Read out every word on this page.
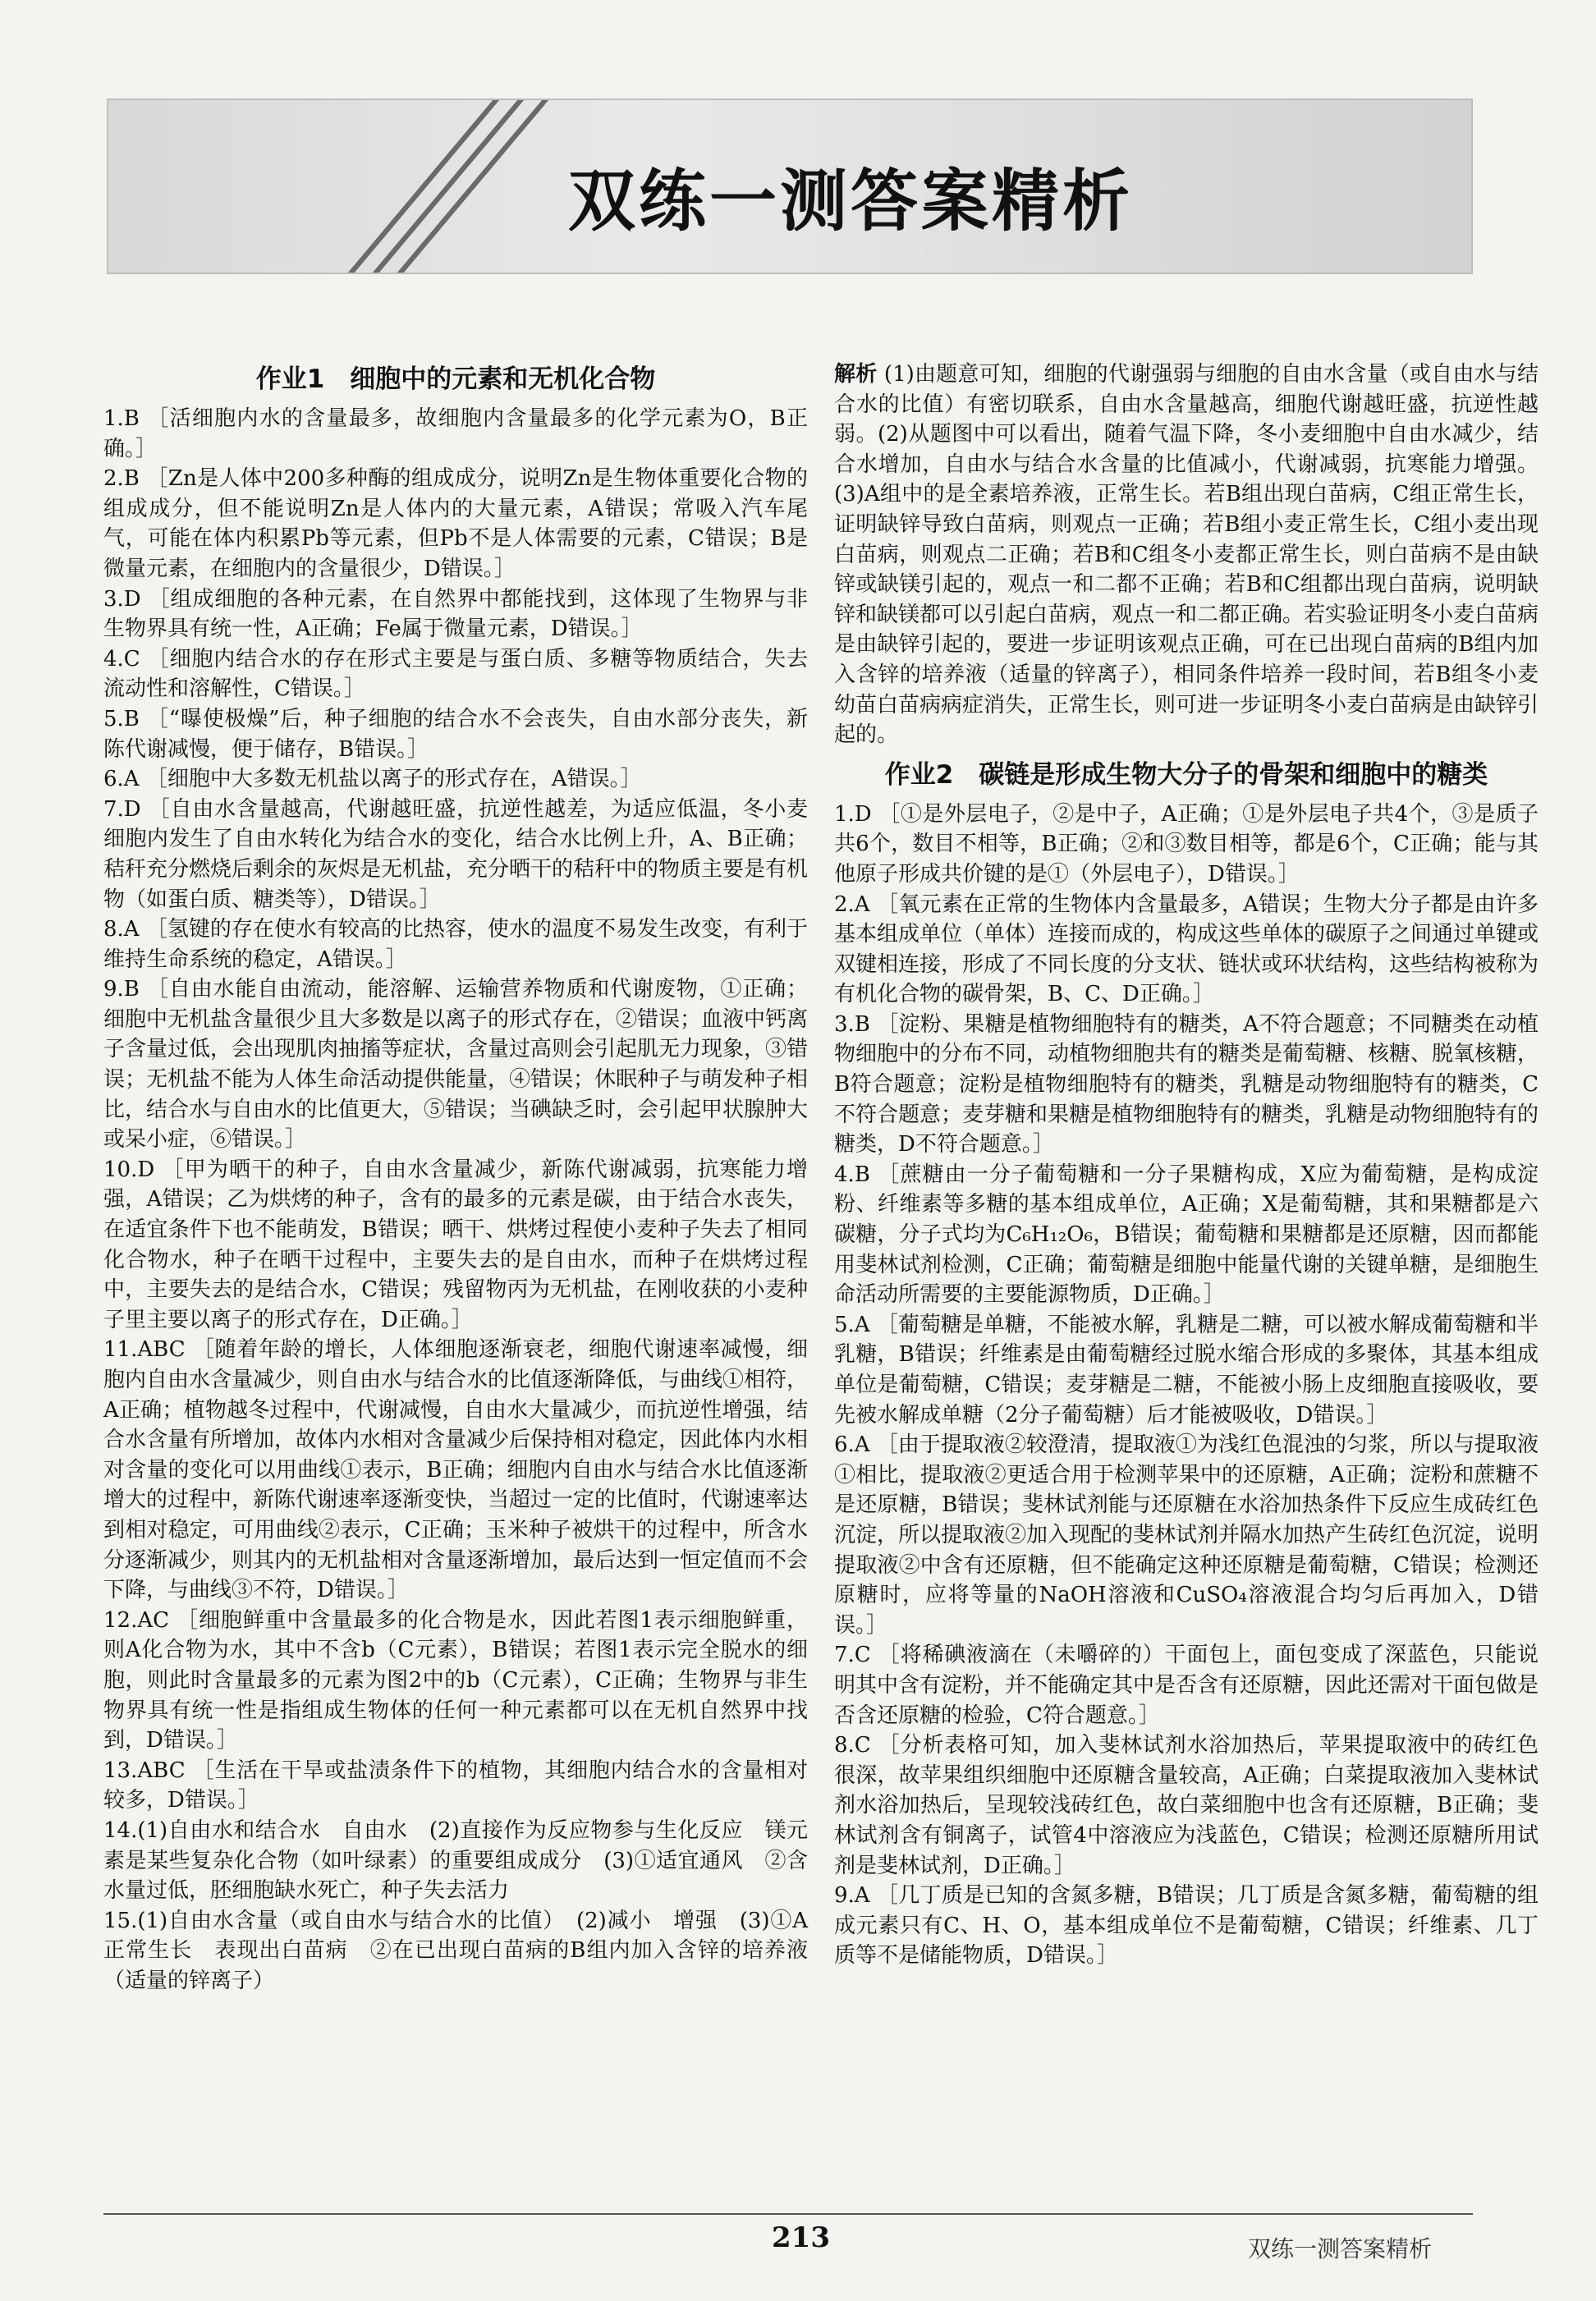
双练一测答案精析
作业1　细胞中的元素和无机化合物

1.B ［活细胞内水的含量最多，故细胞内含量最多的化学元素为O，B正确。］

2.B ［Zn是人体中200多种酶的组成成分，说明Zn是生物体重要化合物的组成成分，但不能说明Zn是人体内的大量元素，A错误；常吸入汽车尾气，可能在体内积累Pb等元素，但Pb不是人体需要的元素，C错误；B是微量元素，在细胞内的含量很少，D错误。］

3.D ［组成细胞的各种元素，在自然界中都能找到，这体现了生物界与非生物界具有统一性，A正确；Fe属于微量元素，D错误。］

4.C ［细胞内结合水的存在形式主要是与蛋白质、多糖等物质结合，失去流动性和溶解性，C错误。］

5.B ［“曝使极燥”后，种子细胞的结合水不会丧失，自由水部分丧失，新陈代谢减慢，便于储存，B错误。］

6.A ［细胞中大多数无机盐以离子的形式存在，A错误。］

7.D ［自由水含量越高，代谢越旺盛，抗逆性越差，为适应低温，冬小麦细胞内发生了自由水转化为结合水的变化，结合水比例上升，A、B正确；秸秆充分燃烧后剩余的灰烬是无机盐，充分晒干的秸秆中的物质主要是有机物（如蛋白质、糖类等），D错误。］

8.A ［氢键的存在使水有较高的比热容，使水的温度不易发生改变，有利于维持生命系统的稳定，A错误。］

9.B ［自由水能自由流动，能溶解、运输营养物质和代谢废物，①正确；细胞中无机盐含量很少且大多数是以离子的形式存在，②错误；血液中钙离子含量过低，会出现肌肉抽搐等症状，含量过高则会引起肌无力现象，③错误；无机盐不能为人体生命活动提供能量，④错误；休眠种子与萌发种子相比，结合水与自由水的比值更大，⑤错误；当碘缺乏时，会引起甲状腺肿大或呆小症，⑥错误。］

10.D ［甲为晒干的种子，自由水含量减少，新陈代谢减弱，抗寒能力增强，A错误；乙为烘烤的种子，含有的最多的元素是碳，由于结合水丧失，在适宜条件下也不能萌发，B错误；晒干、烘烤过程使小麦种子失去了相同化合物水，种子在晒干过程中，主要失去的是自由水，而种子在烘烤过程中，主要失去的是结合水，C错误；残留物丙为无机盐，在刚收获的小麦种子里主要以离子的形式存在，D正确。］

11.ABC ［随着年龄的增长，人体细胞逐渐衰老，细胞代谢速率减慢，细胞内自由水含量减少，则自由水与结合水的比值逐渐降低，与曲线①相符，A正确；植物越冬过程中，代谢减慢，自由水大量减少，而抗逆性增强，结合水含量有所增加，故体内水相对含量减少后保持相对稳定，因此体内水相对含量的变化可以用曲线①表示，B正确；细胞内自由水与结合水比值逐渐增大的过程中，新陈代谢速率逐渐变快，当超过一定的比值时，代谢速率达到相对稳定，可用曲线②表示，C正确；玉米种子被烘干的过程中，所含水分逐渐减少，则其内的无机盐相对含量逐渐增加，最后达到一恒定值而不会下降，与曲线③不符，D错误。］

12.AC ［细胞鲜重中含量最多的化合物是水，因此若图1表示细胞鲜重，则A化合物为水，其中不含b（C元素），B错误；若图1表示完全脱水的细胞，则此时含量最多的元素为图2中的b（C元素），C正确；生物界与非生物界具有统一性是指组成生物体的任何一种元素都可以在无机自然界中找到，D错误。］

13.ABC ［生活在干旱或盐渍条件下的植物，其细胞内结合水的含量相对较多，D错误。］

14.(1)自由水和结合水　自由水　(2)直接作为反应物参与生化反应　镁元素是某些复杂化合物（如叶绿素）的重要组成成分　(3)①适宜通风　②含水量过低，胚细胞缺水死亡，种子失去活力

15.(1)自由水含量（或自由水与结合水的比值）　(2)减小　增强　(3)①A　正常生长　表现出白苗病　②在已出现白苗病的B组内加入含锌的培养液（适量的锌离子）

解析 (1)由题意可知，细胞的代谢强弱与细胞的自由水含量（或自由水与结合水的比值）有密切联系，自由水含量越高，细胞代谢越旺盛，抗逆性越弱。(2)从题图中可以看出，随着气温下降，冬小麦细胞中自由水减少，结合水增加，自由水与结合水含量的比值减小，代谢减弱，抗寒能力增强。(3)A组中的是全素培养液，正常生长。若B组出现白苗病，C组正常生长，证明缺锌导致白苗病，则观点一正确；若B组小麦正常生长，C组小麦出现白苗病，则观点二正确；若B和C组冬小麦都正常生长，则白苗病不是由缺锌或缺镁引起的，观点一和二都不正确；若B和C组都出现白苗病，说明缺锌和缺镁都可以引起白苗病，观点一和二都正确。若实验证明冬小麦白苗病是由缺锌引起的，要进一步证明该观点正确，可在已出现白苗病的B组内加入含锌的培养液（适量的锌离子），相同条件培养一段时间，若B组冬小麦幼苗白苗病病症消失，正常生长，则可进一步证明冬小麦白苗病是由缺锌引起的。

作业2　碳链是形成生物大分子的骨架和细胞中的糖类

1.D ［①是外层电子，②是中子，A正确；①是外层电子共4个，③是质子共6个，数目不相等，B正确；②和③数目相等，都是6个，C正确；能与其他原子形成共价键的是①（外层电子），D错误。］

2.A ［氧元素在正常的生物体内含量最多，A错误；生物大分子都是由许多基本组成单位（单体）连接而成的，构成这些单体的碳原子之间通过单键或双键相连接，形成了不同长度的分支状、链状或环状结构，这些结构被称为有机化合物的碳骨架，B、C、D正确。］

3.B ［淀粉、果糖是植物细胞特有的糖类，A不符合题意；不同糖类在动植物细胞中的分布不同，动植物细胞共有的糖类是葡萄糖、核糖、脱氧核糖，B符合题意；淀粉是植物细胞特有的糖类，乳糖是动物细胞特有的糖类，C不符合题意；麦芽糖和果糖是植物细胞特有的糖类，乳糖是动物细胞特有的糖类，D不符合题意。］

4.B ［蔗糖由一分子葡萄糖和一分子果糖构成，X应为葡萄糖，是构成淀粉、纤维素等多糖的基本组成单位，A正确；X是葡萄糖，其和果糖都是六碳糖，分子式均为C₆H₁₂O₆，B错误；葡萄糖和果糖都是还原糖，因而都能用斐林试剂检测，C正确；葡萄糖是细胞中能量代谢的关键单糖，是细胞生命活动所需要的主要能源物质，D正确。］

5.A ［葡萄糖是单糖，不能被水解，乳糖是二糖，可以被水解成葡萄糖和半乳糖，B错误；纤维素是由葡萄糖经过脱水缩合形成的多聚体，其基本组成单位是葡萄糖，C错误；麦芽糖是二糖，不能被小肠上皮细胞直接吸收，要先被水解成单糖（2分子葡萄糖）后才能被吸收，D错误。］

6.A ［由于提取液②较澄清，提取液①为浅红色混浊的匀浆，所以与提取液①相比，提取液②更适合用于检测苹果中的还原糖，A正确；淀粉和蔗糖不是还原糖，B错误；斐林试剂能与还原糖在水浴加热条件下反应生成砖红色沉淀，所以提取液②加入现配的斐林试剂并隔水加热产生砖红色沉淀，说明提取液②中含有还原糖，但不能确定这种还原糖是葡萄糖，C错误；检测还原糖时，应将等量的NaOH溶液和CuSO₄溶液混合均匀后再加入，D错误。］

7.C ［将稀碘液滴在（未嚼碎的）干面包上，面包变成了深蓝色，只能说明其中含有淀粉，并不能确定其中是否含有还原糖，因此还需对干面包做是否含还原糖的检验，C符合题意。］

8.C ［分析表格可知，加入斐林试剂水浴加热后，苹果提取液中的砖红色很深，故苹果组织细胞中还原糖含量较高，A正确；白菜提取液加入斐林试剂水浴加热后，呈现较浅砖红色，故白菜细胞中也含有还原糖，B正确；斐林试剂含有铜离子，试管4中溶液应为浅蓝色，C错误；检测还原糖所用试剂是斐林试剂，D正确。］

9.A ［几丁质是已知的含氮多糖，B错误；几丁质是含氮多糖，葡萄糖的组成元素只有C、H、O，基本组成单位不是葡萄糖，C错误；纤维素、几丁质等不是储能物质，D错误。］

213	双练一测答案精析
